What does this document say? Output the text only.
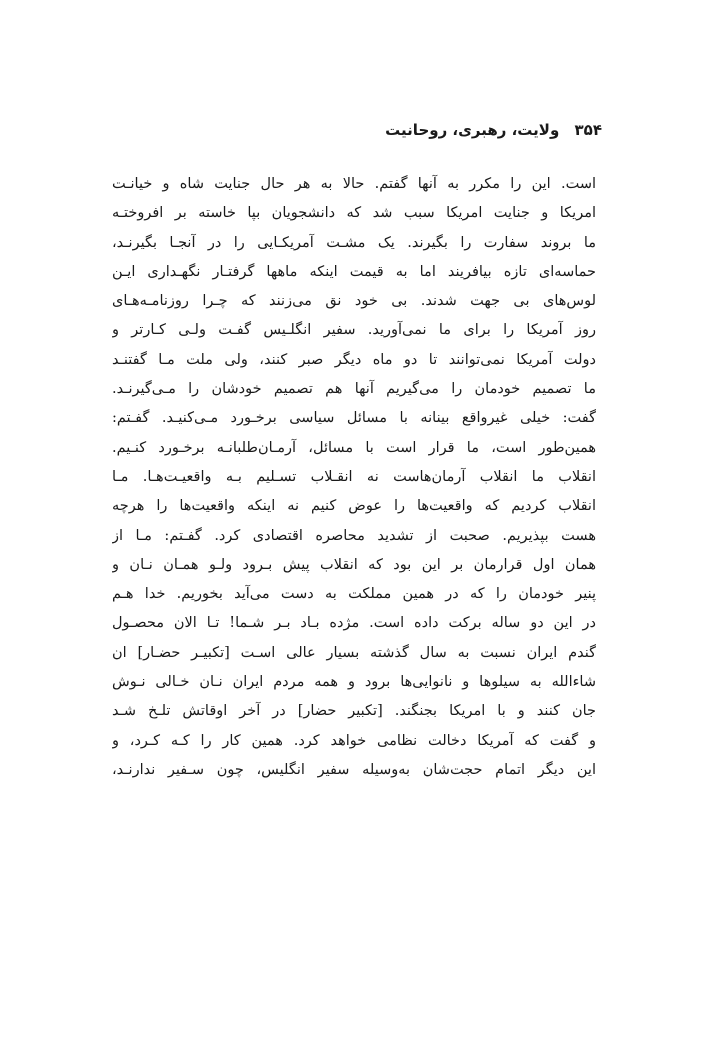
۳۵۴ ولایت، رهبری، روحانیت
است. این را مکرر به آنها گفتم. حالا به هر حال جنایت شاه و خیانـت
امریکا و جنایت امریکا سبب شد که دانشجویان بپا خاسته بر افروختـه
ما بروند سفارت را بگیرند. یک مشـت آمریکـایی را در آنجـا بگیرنـد،
حماسه‌ای تازه بیافریند اما به قیمت اینکه ماهها گرفتـار نگهـداری ایـن
لوس‌های بی جهت شدند. بی خود نق می‌زنند که چـرا روزنامـه‌هـای
روز آمریکا را برای ما نمی‌آورید. سفیر انگلـیس گفـت ولـی کـارتر و
دولت آمریکا نمی‌توانند تا دو ماه دیگر صبر کنند، ولی ملت مـا گفتنـد
ما تصمیم خودمان را می‌گیریم آنها هم تصمیم خودشان را مـی‌گیرنـد.
گفت: خیلی غیرواقع بینانه با مسائل سیاسی برخـورد مـی‌کنیـد. گفـتم:
همین‌طور است، ما قرار است با مسائل، آرمـان‌طلبانـه برخـورد کنـیم.
انقلاب ما انقلاب آرمان‌هاست نه انقـلاب تسـلیم بـه واقعیـت‌هـا. مـا
انقلاب کردیم که واقعیت‌ها را عوض کنیم نه اینکه واقعیت‌ها را هرچه
هست بپذیریم. صحبت از تشدید محاصره اقتصادی کرد. گفـتم: مـا از
همان اول قرارمان بر این بود که انقلاب پیش بـرود ولـو همـان نـان و
پنیر خودمان را که در همین مملکت به دست می‌آید بخوریم. خدا هـم
در این دو ساله برکت داده است. مژده بـاد بـر شـما! تـا الان محصـول
گندم ایران نسبت به سال گذشته بسیار عالی اسـت [تکبیـر حضـار] ان
شاءالله به سیلوها و نانوایی‌ها برود و همه مردم ایران نـان خـالی نـوش
جان کنند و با امریکا بجنگند. [تکبیر حضار] در آخر اوقاتش تلـخ شـد
و گفت که آمریکا دخالت نظامی خواهد کرد. همین کار را کـه کـرد، و
این دیگر اتمام حجت‌شان به‌وسیله سفیر انگلیس، چون سـفیر ندارنـد،
